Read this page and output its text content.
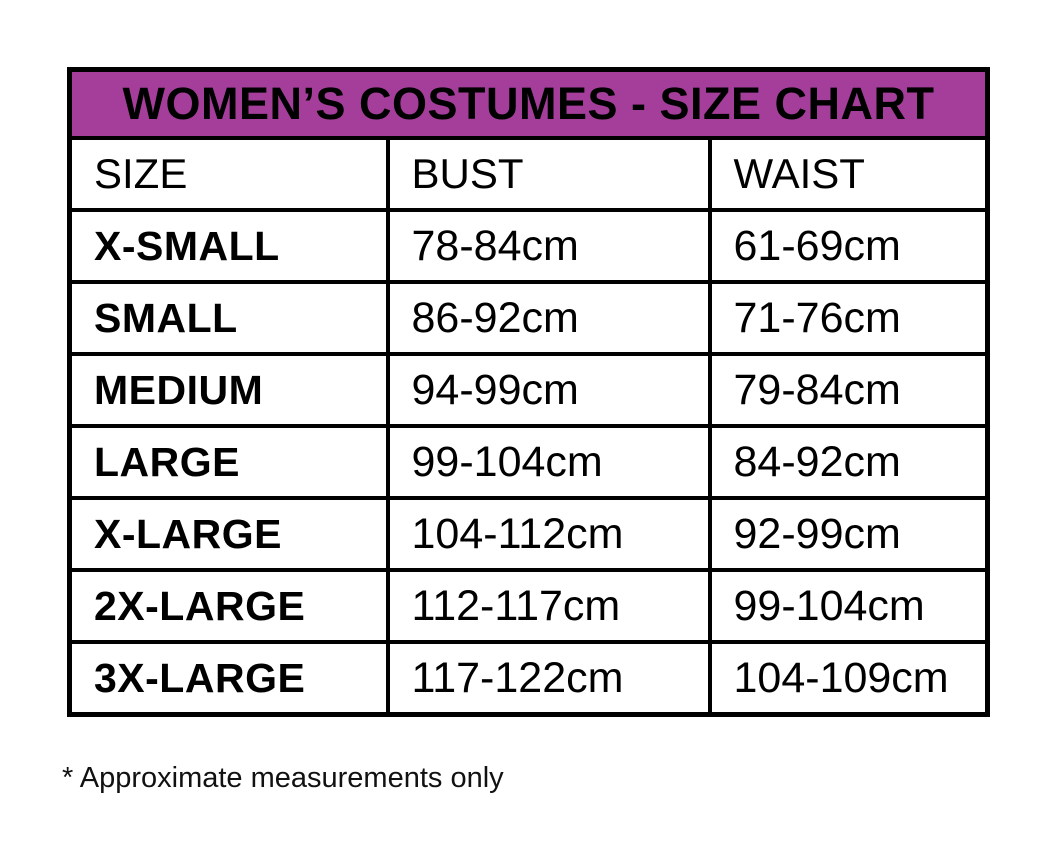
WOMEN’S COSTUMES - SIZE CHART		
SIZE	BUST	WAIST
X-SMALL	78-84cm	61-69cm
SMALL	86-92cm	71-76cm
MEDIUM	94-99cm	79-84cm
LARGE	99-104cm	84-92cm
X-LARGE	104-112cm	92-99cm
2X-LARGE	112-117cm	99-104cm
3X-LARGE	117-122cm	104-109cm
* Approximate measurements only
